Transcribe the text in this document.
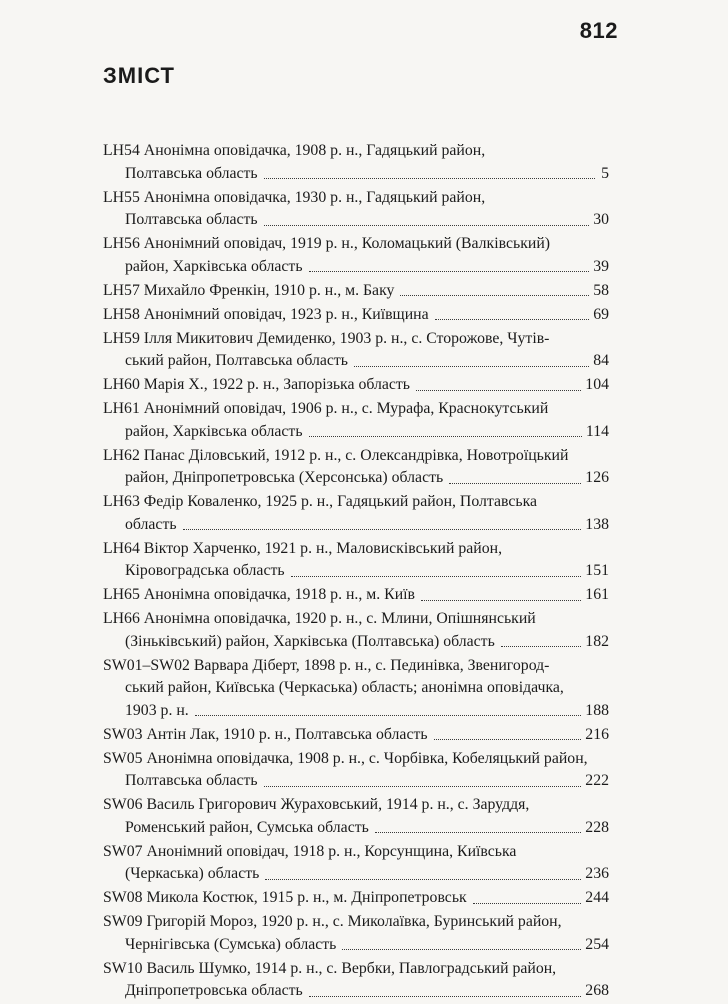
812
ЗМІСТ
LH54 Анонімна оповідачка, 1908 р. н., Гадяцький район,
Полтавська область	5
LH55 Анонімна оповідачка, 1930 р. н., Гадяцький район,
Полтавська область	30
LH56 Анонімний оповідач, 1919 р. н., Коломацький (Валківський)
район, Харківська область	39
LH57 Михайло Френкін, 1910 р. н., м. Баку	58
LH58 Анонімний оповідач, 1923 р. н., Київщина	69
LH59 Ілля Микитович Демиденко, 1903 р. н., с. Сторожове, Чутів-
ський район, Полтавська область	84
LH60 Марія Х., 1922 р. н., Запорізька область	104
LH61 Анонімний оповідач, 1906 р. н., с. Мурафа, Краснокутський
район, Харківська область	114
LH62 Панас Діловський, 1912 р. н., с. Олександрівка, Новотроїцький
район, Дніпропетровська (Херсонська) область	126
LH63 Федір Коваленко, 1925 р. н., Гадяцький район, Полтавська
область	138
LH64 Віктор Харченко, 1921 р. н., Маловисківський район,
Кіровоградська область	151
LH65 Анонімна оповідачка, 1918 р. н., м. Київ	161
LH66 Анонімна оповідачка, 1920 р. н., с. Млини, Опішнянський
(Зіньківський) район, Харківська (Полтавська) область	182
SW01–SW02 Варвара Діберт, 1898 р. н., с. Пединівка, Звенигород-
ський район, Київська (Черкаська) область; анонімна оповідачка,
1903 р. н.	188
SW03 Антін Лак, 1910 р. н., Полтавська область	216
SW05 Анонімна оповідачка, 1908 р. н., с. Чорбівка, Кобеляцький район,
Полтавська область	222
SW06 Василь Григорович Жураховський, 1914 р. н., с. Заруддя,
Роменський район, Сумська область	228
SW07 Анонімний оповідач, 1918 р. н., Корсунщина, Київська
(Черкаська) область	236
SW08 Микола Костюк, 1915 р. н., м. Дніпропетровськ	244
SW09 Григорій Мороз, 1920 р. н., с. Миколаївка, Буринський район,
Чернігівська (Сумська) область	254
SW10 Василь Шумко, 1914 р. н., с. Вербки, Павлоградський район,
Дніпропетровська область	268
